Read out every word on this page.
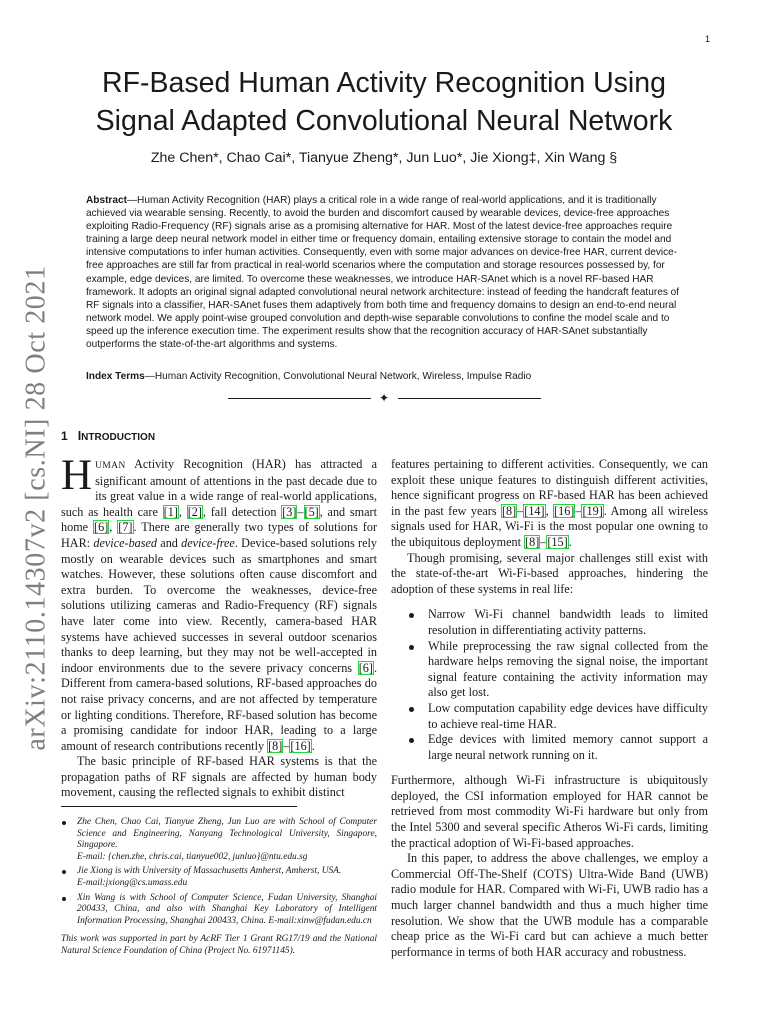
1
arXiv:2110.14307v2 [cs.NI] 28 Oct 2021
RF-Based Human Activity Recognition Using
Signal Adapted Convolutional Neural Network
Zhe Chen*, Chao Cai*, Tianyue Zheng*, Jun Luo*, Jie Xiong‡, Xin Wang §

Abstract—Human Activity Recognition (HAR) plays a critical role in a wide range of real-world applications, and it is traditionally achieved via wearable sensing. Recently, to avoid the burden and discomfort caused by wearable devices, device-free approaches exploiting Radio-Frequency (RF) signals arise as a promising alternative for HAR. Most of the latest device-free approaches require training a large deep neural network model in either time or frequency domain, entailing extensive storage to contain the model and intensive computations to infer human activities. Consequently, even with some major advances on device-free HAR, current device-free approaches are still far from practical in real-world scenarios where the computation and storage resources possessed by, for example, edge devices, are limited. To overcome these weaknesses, we introduce HAR-SAnet which is a novel RF-based HAR framework. It adopts an original signal adapted convolutional neural network architecture: instead of feeding the handcraft features of RF signals into a classifier, HAR-SAnet fuses them adaptively from both time and frequency domains to design an end-to-end neural network model. We apply point-wise grouped convolution and depth-wise separable convolutions to confine the model scale and to speed up the inference execution time. The experiment results show that the recognition accuracy of HAR-SAnet substantially outperforms the state-of-the-art algorithms and systems.

Index Terms—Human Activity Recognition, Convolutional Neural Network, Wireless, Impulse Radio

✦
1 INTRODUCTION

HUMAN Activity Recognition (HAR) has attracted a significant amount of attentions in the past decade due to its great value in a wide range of real-world applications, such as health care [1], [2], fall detection [3]–[5], and smart home [6], [7]. There are generally two types of solutions for HAR: device-based and device-free. Device-based solutions rely mostly on wearable devices such as smartphones and smart watches. However, these solutions often cause discomfort and extra burden. To overcome the weaknesses, device-free solutions utilizing cameras and Radio-Frequency (RF) signals have later come into view. Recently, camera-based HAR systems have achieved successes in several outdoor scenarios thanks to deep learning, but they may not be well-accepted in indoor environments due to the severe privacy concerns [6]. Different from camera-based solutions, RF-based approaches do not raise privacy concerns, and are not affected by temperature or lighting conditions. Therefore, RF-based solution has become a promising candidate for indoor HAR, leading to a large amount of research contributions recently [8]–[16].

The basic principle of RF-based HAR systems is that the propagation paths of RF signals are affected by human body movement, causing the reflected signals to exhibit distinct

Zhe Chen, Chao Cai, Tianyue Zheng, Jun Luo are with School of Computer Science and Engineering, Nanyang Technological University, Singapore, Singapore.
E-mail: {chen.zhe, chris.cai, tianyue002, junluo}@ntu.edu.sg
Jie Xiong is with University of Massachusetts Amherst, Amherst, USA.
E-mail:jxiong@cs.umass.edu
Xin Wang is with School of Computer Science, Fudan University, Shanghai 200433, China, and also with Shanghai Key Laboratory of Intelligent Information Processing, Shanghai 200433, China. E-mail:xinw@fudan.edu.cn

This work was supported in part by AcRF Tier 1 Grant RG17/19 and the National Natural Science Foundation of China (Project No. 61971145).

features pertaining to different activities. Consequently, we can exploit these unique features to distinguish different activities, hence significant progress on RF-based HAR has been achieved in the past few years [8]–[14], [16]–[19]. Among all wireless signals used for HAR, Wi-Fi is the most popular one owning to the ubiquitous deployment [8]–[15].

Though promising, several major challenges still exist with the state-of-the-art Wi-Fi-based approaches, hindering the adoption of these systems in real life:

Narrow Wi-Fi channel bandwidth leads to limited resolution in differentiating activity patterns.
While preprocessing the raw signal collected from the hardware helps removing the signal noise, the important signal feature containing the activity information may also get lost.
Low computation capability edge devices have difficulty to achieve real-time HAR.
Edge devices with limited memory cannot support a large neural network running on it.

Furthermore, although Wi-Fi infrastructure is ubiquitously deployed, the CSI information employed for HAR cannot be retrieved from most commodity Wi-Fi hardware but only from the Intel 5300 and several specific Atheros Wi-Fi cards, limiting the practical adoption of Wi-Fi-based approaches.

In this paper, to address the above challenges, we employ a Commercial Off-The-Shelf (COTS) Ultra-Wide Band (UWB) radio module for HAR. Compared with Wi-Fi, UWB radio has a much larger channel bandwidth and thus a much higher time resolution. We show that the UWB module has a comparable cheap price as the Wi-Fi card but can achieve a much better performance in terms of both HAR accuracy and robustness.
